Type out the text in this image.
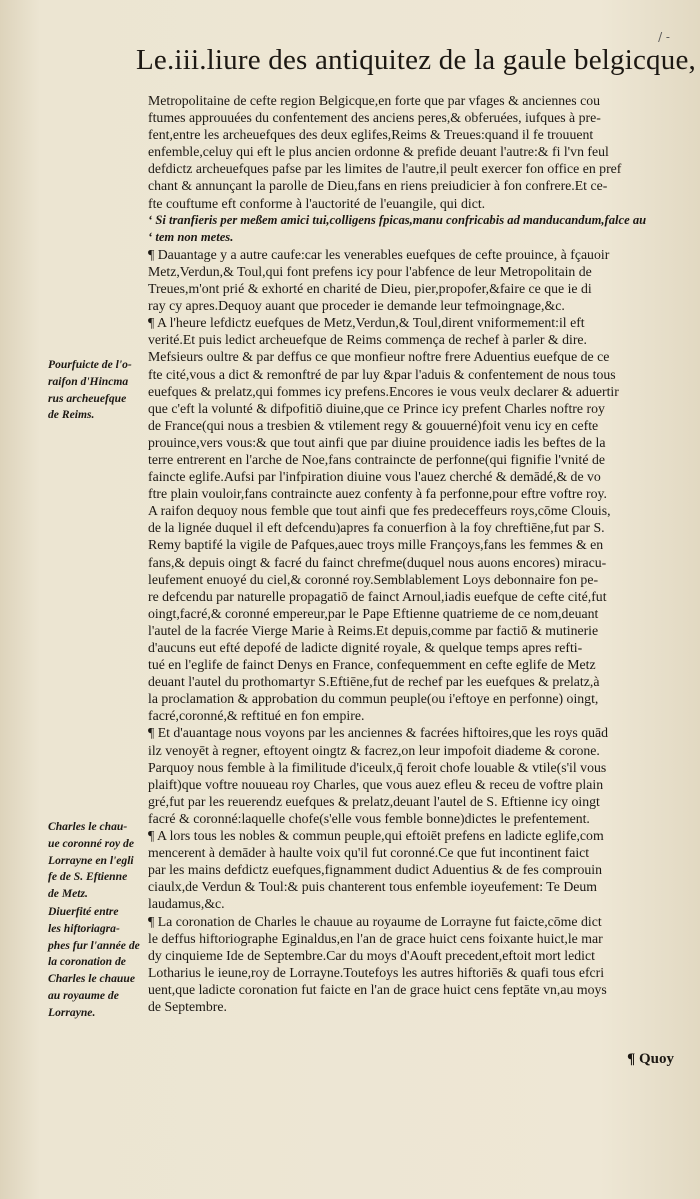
/ -
Le.iii.liure des antiquitez de la gaule belgicque,
Metropolitaine de cefte region Belgicque,en forte que par vfages & anciennes cou
ftumes approuuées du confentement des anciens peres,& obferuées, iufques à pre-
fent,entre les archeuefques des deux eglifes,Reims & Treues:quand il fe trouuent
enfemble,celuy qui eft le plus ancien ordonne & prefide deuant l'autre:& fi l'vn feul
defdictz archeuefques pafse par les limites de l'autre,il peult exercer fon office en pref
chant & annunçant la parolle de Dieu,fans en riens preiudicier à fon confrere.Et ce-
fte couftume eft conforme à l'auctorité de l'euangile, qui dict.
‘ Si tranfieris per meßem amici tui,colligens fpicas,manu confricabis ad manducandum,falce au
‘ tem non metes.
¶ Dauantage y a autre caufe:car les venerables euefques de cefte prouince, à fçauoir
Metz,Verdun,& Toul,qui font prefens icy pour l'abfence de leur Metropolitain de
Treues,m'ont prié & exhorté en charité de Dieu, pier,propofer,&faire ce que ie di
ray cy apres.Dequoy auant que proceder ie demande leur tefmoingnage,&c.
¶ A l'heure lefdictz euefques de Metz,Verdun,& Toul,dirent vniformement:il eft
verité.Et puis ledict archeuefque de Reims commença de rechef à parler & dire.
Mefsieurs oultre & par deffus ce que monfieur noftre frere Aduentius euefque de ce
fte cité,vous a dict & remonftré de par luy &par l'aduis & confentement de nous tous
euefques & prelatz,qui fommes icy prefens.Encores ie vous veulx declarer & aduertir
que c'eft la volunté & difpofitiō diuine,que ce Prince icy prefent Charles noftre roy
de France(qui nous a tresbien & vtilement regy & gouuerné)foit venu icy en cefte
prouince,vers vous:& que tout ainfi que par diuine prouidence iadis les beftes de la
terre entrerent en l'arche de Noe,fans contraincte de perfonne(qui fignifie l'vnité de
faincte eglife.Aufsi par l'infpiration diuine vous l'auez cherché & demādé,& de vo
ftre plain vouloir,fans contraincte auez confenty à fa perfonne,pour eftre voftre roy.
A raifon dequoy nous femble que tout ainfi que fes predeceffeurs roys,cōme Clouis,
de la lignée duquel il eft defcendu)apres fa conuerfion à la foy chreftiēne,fut par S.
Remy baptifé la vigile de Pafques,auec troys mille Françoys,fans les femmes & en
fans,& depuis oingt & facré du fainct chrefme(duquel nous auons encores) miracu-
leufement enuoyé du ciel,& coronné roy.Semblablement Loys debonnaire fon pe-
re defcendu par naturelle propagatiō de fainct Arnoul,iadis euefque de cefte cité,fut
oingt,facré,& coronné empereur,par le Pape Eftienne quatrieme de ce nom,deuant
l'autel de la facrée Vierge Marie à Reims.Et depuis,comme par factiō & mutinerie
d'aucuns eut efté depofé de ladicte dignité royale, & quelque temps apres refti-
tué en l'eglife de fainct Denys en France, confequemment en cefte eglife de Metz
deuant l'autel du prothomartyr S.Eftiēne,fut de rechef par les euefques & prelatz,à
la proclamation & approbation du commun peuple(ou i'eftoye en perfonne) oingt,
facré,coronné,& reftitué en fon empire.
¶ Et d'auantage nous voyons par les anciennes & facrées hiftoires,que les roys quād
ilz venoyēt à regner, eftoyent oingtz & facrez,on leur impofoit diademe & corone.
Parquoy nous femble à la fimilitude d'iceulx,q̄ feroit chofe louable & vtile(s'il vous
plaift)que voftre nouueau roy Charles, que vous auez efleu & receu de voftre plain
gré,fut par les reuerendz euefques & prelatz,deuant l'autel de S. Eftienne icy oingt
facré & coronné:laquelle chofe(s'elle vous femble bonne)dictes le prefentement.
¶ A lors tous les nobles & commun peuple,qui eftoiēt prefens en ladicte eglife,com
mencerent à demāder à haulte voix qu'il fut coronné.Ce que fut incontinent faict
par les mains defdictz euefques,fignamment dudict Aduentius & de fes comprouin
ciaulx,de Verdun & Toul:& puis chanterent tous enfemble ioyeufement: Te Deum
laudamus,&c.
¶ La coronation de Charles le chauue au royaume de Lorrayne fut faicte,cōme dict
le deffus hiftoriographe Eginaldus,en l'an de grace huict cens foixante huict,le mar
dy cinquieme Ide de Septembre.Car du moys d'Aouft precedent,eftoit mort ledict
Lotharius le ieune,roy de Lorrayne.Toutefoys les autres hiftoriēs & quafi tous efcri
uent,que ladicte coronation fut faicte en l'an de grace huict cens feptāte vn,au moys
de Septembre.
Pourfuicte de l'o-
raifon d'Hincma
rus archeuefque
de Reims.
Charles le chau-
ue coronné roy de
Lorrayne en l'egli
fe de S. Eftienne
de Metz.
Diuerfité entre
les hiftoriagra-
phes fur l'année de
la coronation de
Charles le chauue
au royaume de
Lorrayne.
¶ Quoy
